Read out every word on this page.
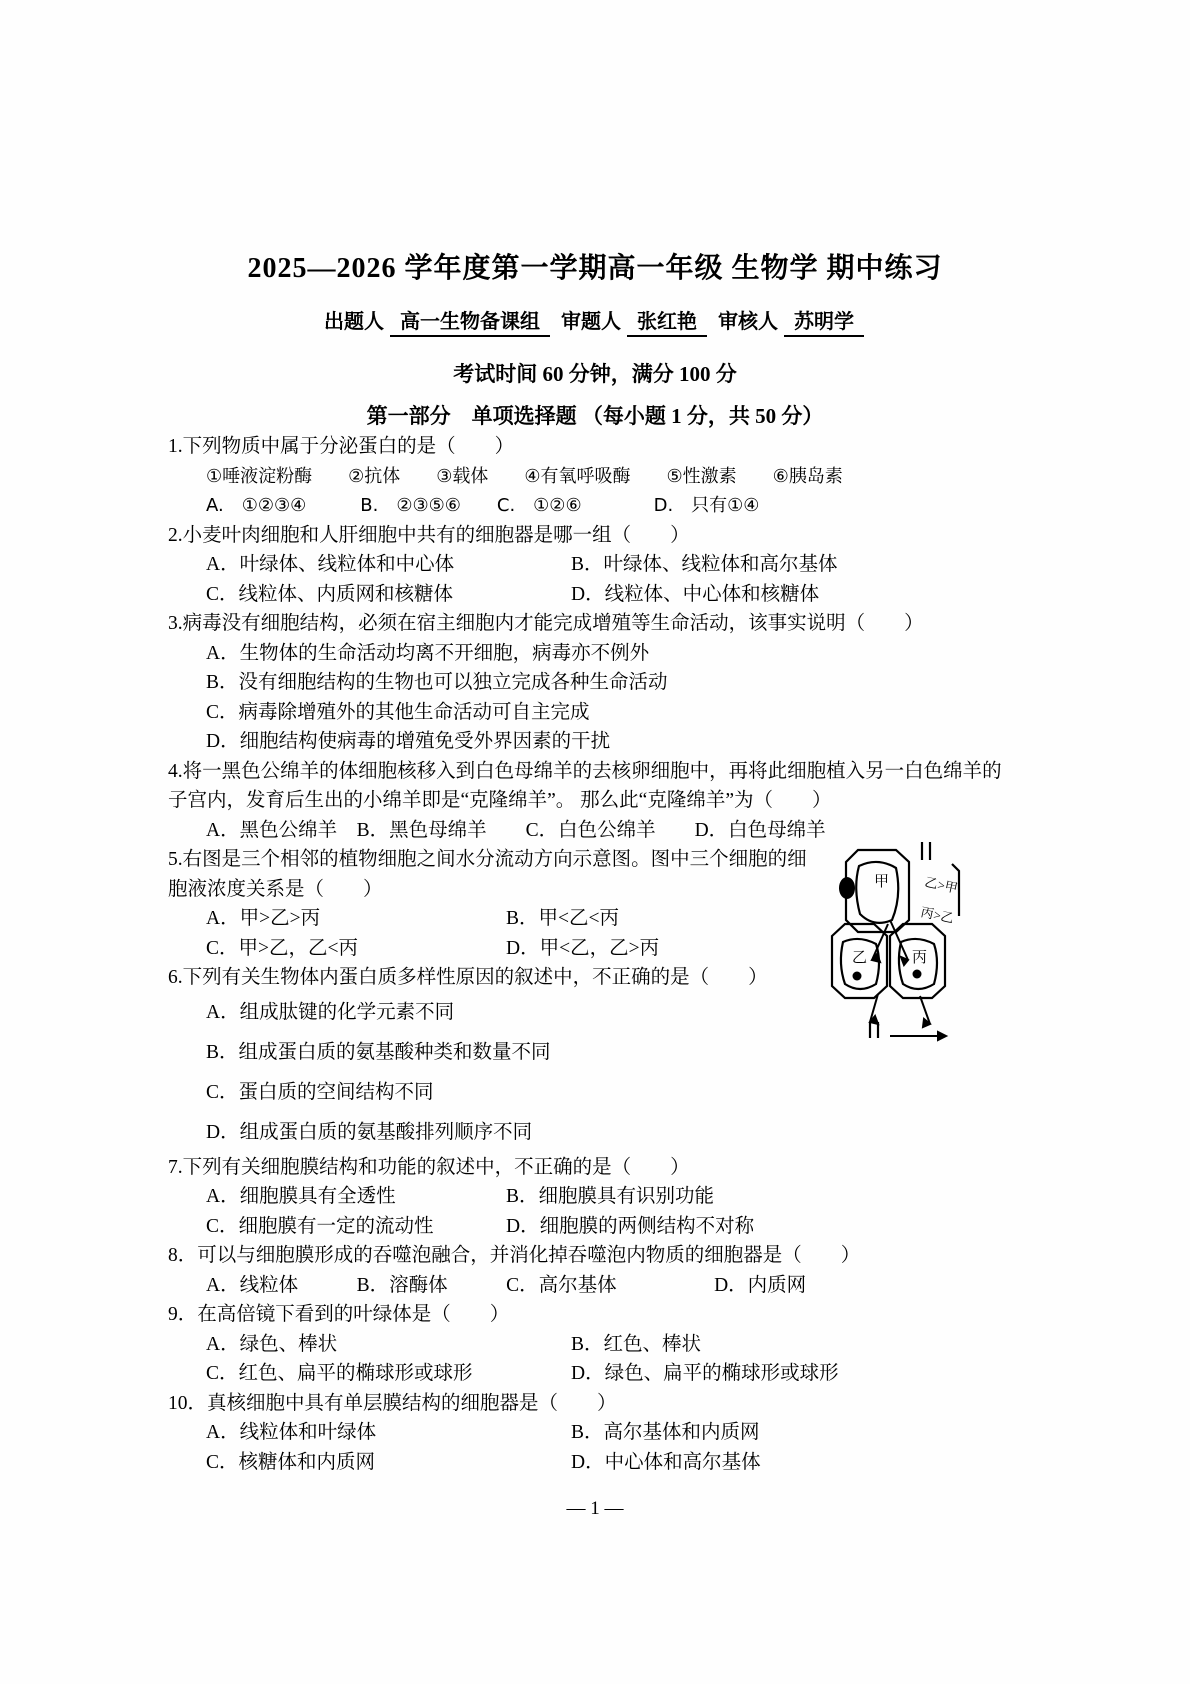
2025—2026 学年度第一学期高一年级 生物学 期中练习
出题人 高一生物备课组 审题人 张红艳 审核人 苏明学
考试时间 60 分钟，满分 100 分
第一部分　单项选择题 （每小题 1 分，共 50 分）
1.下列物质中属于分泌蛋白的是（　　）
①唾液淀粉酶　　②抗体　　③载体　　④有氧呼吸酶　　⑤性激素　　⑥胰岛素
A.　①②③④　　　B.　②③⑤⑥　　C.　①②⑥　　　　D.　只有①④
2.小麦叶肉细胞和人肝细胞中共有的细胞器是哪一组（　　）
A．叶绿体、线粒体和中心体	B．叶绿体、线粒体和高尔基体
C．线粒体、内质网和核糖体	D．线粒体、中心体和核糖体
3.病毒没有细胞结构，必须在宿主细胞内才能完成增殖等生命活动，该事实说明（　　）
A．生物体的生命活动均离不开细胞，病毒亦不例外
B．没有细胞结构的生物也可以独立完成各种生命活动
C．病毒除增殖外的其他生命活动可自主完成
D．细胞结构使病毒的增殖免受外界因素的干扰
4.将一黑色公绵羊的体细胞核移入到白色母绵羊的去核卵细胞中，再将此细胞植入另一白色绵羊的子宫内，发育后生出的小绵羊即是“克隆绵羊”。 那么此“克隆绵羊”为（　　）
A．黑色公绵羊　B．黑色母绵羊　　C．白色公绵羊　　D．白色母绵羊
5.右图是三个相邻的植物细胞之间水分流动方向示意图。图中三个细胞的细胞液浓度关系是（　　）
A．甲>乙>丙	B．甲<乙<丙
C．甲>乙，乙<丙	D．甲<乙，乙>丙
6.下列有关生物体内蛋白质多样性原因的叙述中，不正确的是（　　）
A．组成肽键的化学元素不同
B．组成蛋白质的氨基酸种类和数量不同
C．蛋白质的空间结构不同
D．组成蛋白质的氨基酸排列顺序不同
7.下列有关细胞膜结构和功能的叙述中，不正确的是（　　）
A．细胞膜具有全透性	B．细胞膜具有识别功能
C．细胞膜有一定的流动性	D．细胞膜的两侧结构不对称
8．可以与细胞膜形成的吞噬泡融合，并消化掉吞噬泡内物质的细胞器是（　　）
A．线粒体　　　B．溶酶体　　　C．高尔基体　　　　　D．内质网
9．在高倍镜下看到的叶绿体是（　　）
A．绿色、棒状	B．红色、棒状
C．红色、扁平的椭球形或球形	D．绿色、扁平的椭球形或球形
10．真核细胞中具有单层膜结构的细胞器是（　　）
A．线粒体和叶绿体	B．高尔基体和内质网
C．核糖体和内质网	D．中心体和高尔基体
甲
乙	丙
乙>甲
丙>乙
— 1 —
